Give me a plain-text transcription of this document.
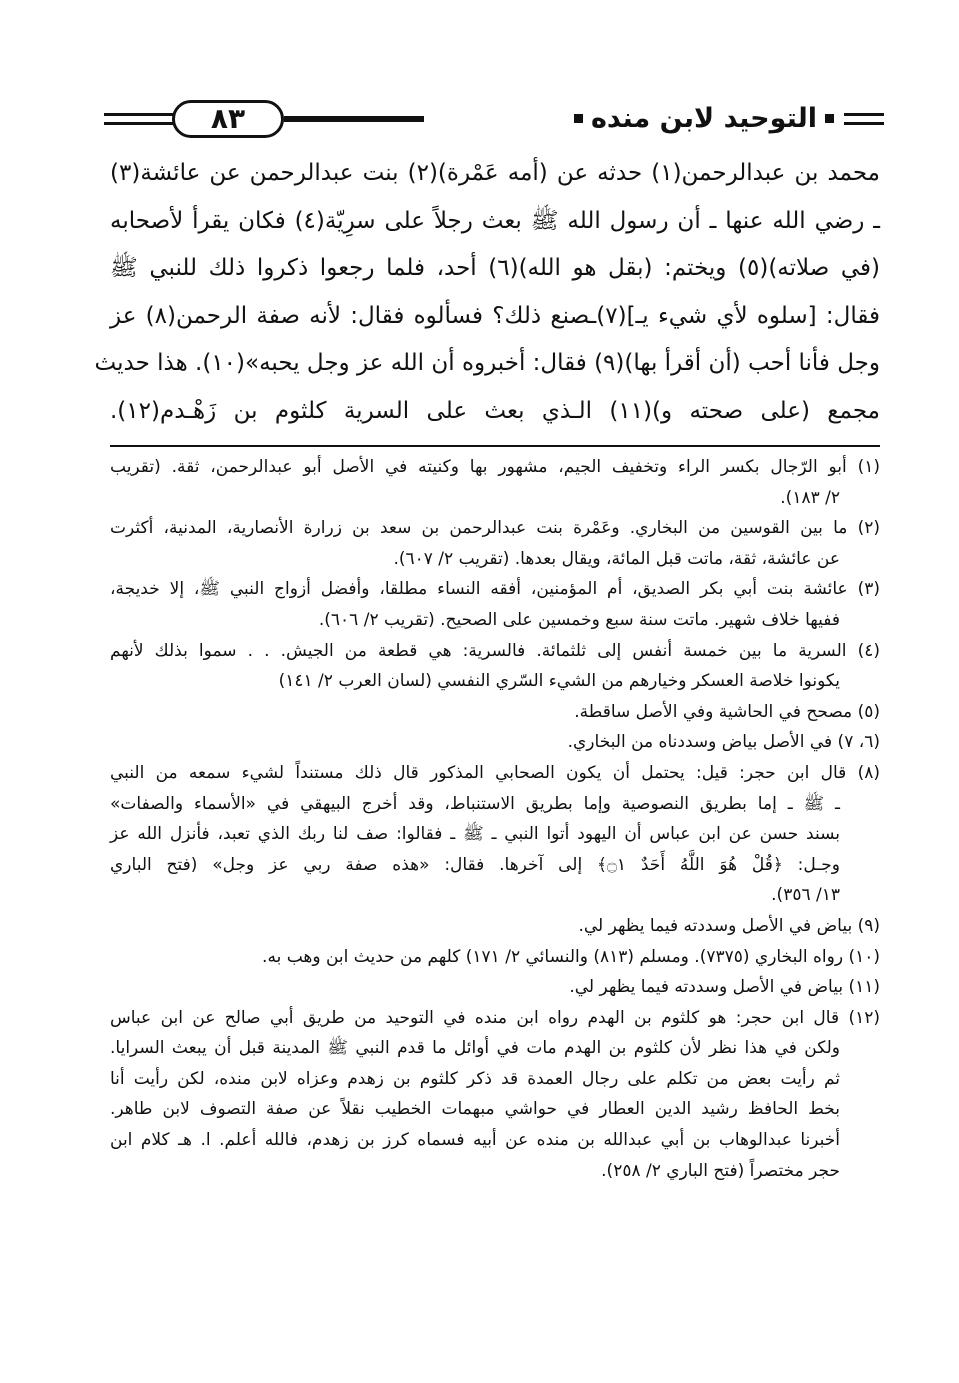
٨٣	التوحيد لابن منده
محمد بن عبدالرحمن(١) حدثه عن (أمه عَمْرة)(٢) بنت عبدالرحمن عن عائشة(٣)
ـ رضي الله عنها ـ أن رسول الله ﷺ بعث رجلاً على سرِيّة(٤) فكان يقرأ لأصحابه
(في صلاته)(٥) ويختم: (بقل هو الله)(٦) أحد، فلما رجعوا ذكروا ذلك للنبي ﷺ
فقال: [سلوه لأي شيء يـ](٧)ـصنع ذلك؟ فسألوه فقال: لأنه صفة الرحمن(٨) عز
وجل فأنا أحب (أن أقرأ بها)(٩) فقال: أخبروه أن الله عز وجل يحبه»(١٠). هذا حديث
مجمع (على صحته و)(١١) الـذي بعث على السرية كلثوم بن زَهْـدم(١٢).
(١) أبو الرّجال بكسر الراء وتخفيف الجيم، مشهور بها وكنيته في الأصل أبو عبدالرحمن، ثقة. (تقريب
٢/ ١٨٣).
(٢) ما بين القوسين من البخاري. وعَمْرة بنت عبدالرحمن بن سعد بن زرارة الأنصارية، المدنية، أكثرت
عن عائشة، ثقة، ماتت قبل المائة، ويقال بعدها. (تقريب ٢/ ٦٠٧).
(٣) عائشة بنت أبي بكر الصديق، أم المؤمنين، أفقه النساء مطلقا، وأفضل أزواج النبي ﷺ، إلا خديجة،
ففيها خلاف شهير. ماتت سنة سبع وخمسين على الصحيح. (تقريب ٢/ ٦٠٦).
(٤) السرية ما بين خمسة أنفس إلى ثلثمائة. فالسرية: هي قطعة من الجيش. . . سموا بذلك لأنهم
يكونوا خلاصة العسكر وخيارهم من الشيء السّري النفسي (لسان العرب ٢/ ١٤١)
(٥) مصحح في الحاشية وفي الأصل ساقطة.
(٦، ٧) في الأصل بياض وسددناه من البخاري.
(٨) قال ابن حجر: قيل: يحتمل أن يكون الصحابي المذكور قال ذلك مستنداً لشيء سمعه من النبي
ـ ﷺ ـ إما بطريق النصوصية وإما بطريق الاستنباط، وقد أخرج البيهقي في «الأسماء والصفات»
بسند حسن عن ابن عباس أن اليهود أتوا النبي ـ ﷺ ـ فقالوا: صف لنا ربك الذي تعبد، فأنزل الله عز
وجـل: ﴿قُلْ هُوَ اللَّهُ أَحَدٌ ۝١﴾ إلى آخرها. فقال: «هذه صفة ربي عز وجل» (فتح الباري
١٣/ ٣٥٦).
(٩) بياض في الأصل وسددته فيما يظهر لي.
(١٠) رواه البخاري (٧٣٧٥). ومسلم (٨١٣) والنسائي ٢/ ١٧١) كلهم من حديث ابن وهب به.
(١١) بياض في الأصل وسددته فيما يظهر لي.
(١٢) قال ابن حجر: هو كلثوم بن الهدم رواه ابن منده في التوحيد من طريق أبي صالح عن ابن عباس
ولكن في هذا نظر لأن كلثوم بن الهدم مات في أوائل ما قدم النبي ﷺ المدينة قبل أن يبعث السرايا.
ثم رأيت بعض من تكلم على رجال العمدة قد ذكر كلثوم بن زهدم وعزاه لابن منده، لكن رأيت أنا
بخط الحافظ رشيد الدين العطار في حواشي مبهمات الخطيب نقلاً عن صفة التصوف لابن طاهر.
أخبرنا عبدالوهاب بن أبي عبدالله بن منده عن أبيه فسماه كرز بن زهدم، فالله أعلم. ا. هـ كلام ابن
حجر مختصراً (فتح الباري ٢/ ٢٥٨).
